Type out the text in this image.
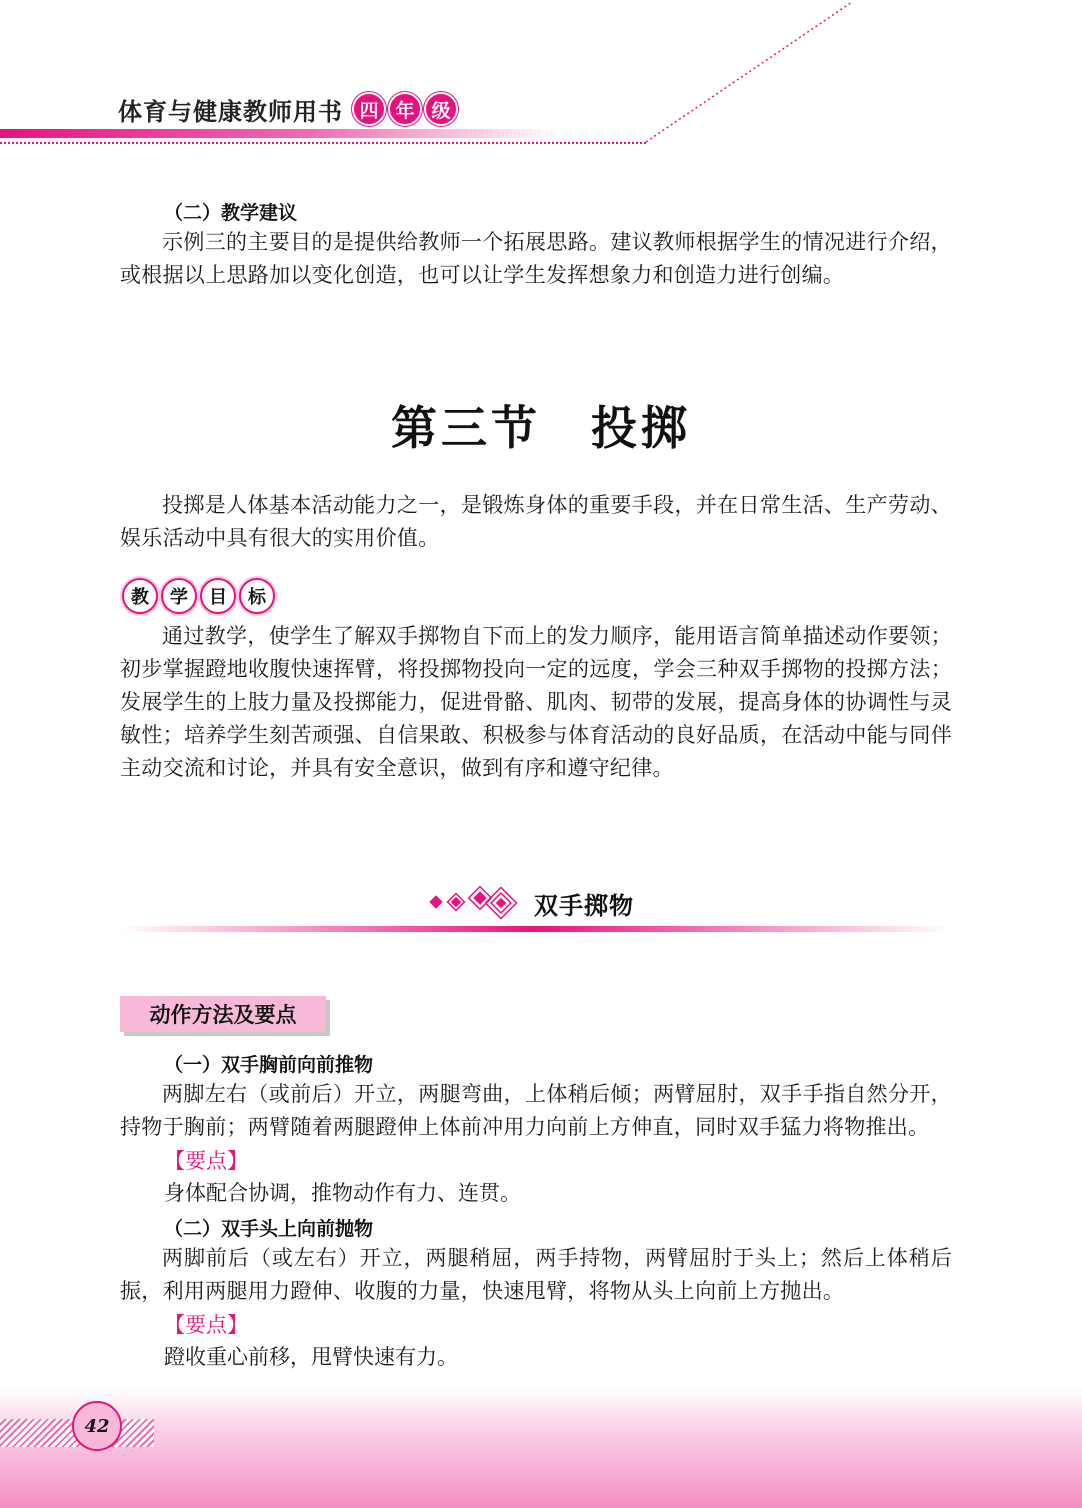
体育与健康教师用书 四 年 级
（二）教学建议
示例三的主要目的是提供给教师一个拓展思路。建议教师根据学生的情况进行介绍，或根据以上思路加以变化创造，也可以让学生发挥想象力和创造力进行创编。
第三节　投掷
投掷是人体基本活动能力之一，是锻炼身体的重要手段，并在日常生活、生产劳动、娱乐活动中具有很大的实用价值。
教	学	目	标
通过教学，使学生了解双手掷物自下而上的发力顺序，能用语言简单描述动作要领；初步掌握蹬地收腹快速挥臂，将投掷物投向一定的远度，学会三种双手掷物的投掷方法；发展学生的上肢力量及投掷能力，促进骨骼、肌肉、韧带的发展，提高身体的协调性与灵敏性；培养学生刻苦顽强、自信果敢、积极参与体育活动的良好品质，在活动中能与同伴主动交流和讨论，并具有安全意识，做到有序和遵守纪律。
双手掷物
动作方法及要点
（一）双手胸前向前推物
两脚左右（或前后）开立，两腿弯曲，上体稍后倾；两臂屈肘，双手手指自然分开，持物于胸前；两臂随着两腿蹬伸上体前冲用力向前上方伸直，同时双手猛力将物推出。
【要点】
身体配合协调，推物动作有力、连贯。
（二）双手头上向前抛物
两脚前后（或左右）开立，两腿稍屈，两手持物，两臂屈肘于头上；然后上体稍后振，利用两腿用力蹬伸、收腹的力量，快速甩臂，将物从头上向前上方抛出。
【要点】
蹬收重心前移，甩臂快速有力。
42
